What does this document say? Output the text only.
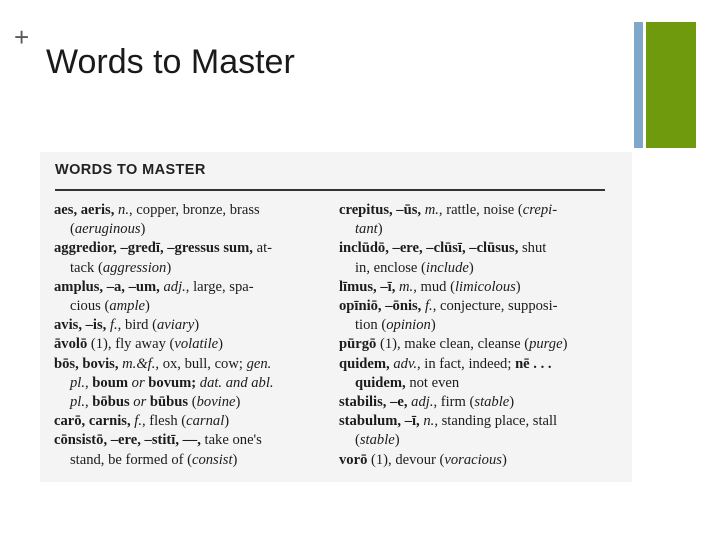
+
Words to Master
WORDS TO MASTER
aes, aeris, n., copper, bronze, brass
(aeruginous)
aggredior, –gredī, –gressus sum, at-
tack (aggression)
amplus, –a, –um, adj., large, spa-
cious (ample)
avis, –is, f., bird (aviary)
āvolō (1), fly away (volatile)
bōs, bovis, m.&f., ox, bull, cow; gen.
pl., boum or bovum; dat. and abl.
pl., bōbus or būbus (bovine)
carō, carnis, f., flesh (carnal)
cōnsistō, –ere, –stitī, —, take one's
stand, be formed of (consist)
crepitus, –ūs, m., rattle, noise (crepi-
tant)
inclūdō, –ere, –clūsī, –clūsus, shut
in, enclose (include)
līmus, –ī, m., mud (limicolous)
opīniō, –ōnis, f., conjecture, supposi-
tion (opinion)
pūrgō (1), make clean, cleanse (purge)
quidem, adv., in fact, indeed; nē . . .
quidem, not even
stabilis, –e, adj., firm (stable)
stabulum, –ī, n., standing place, stall
(stable)
vorō (1), devour (voracious)
